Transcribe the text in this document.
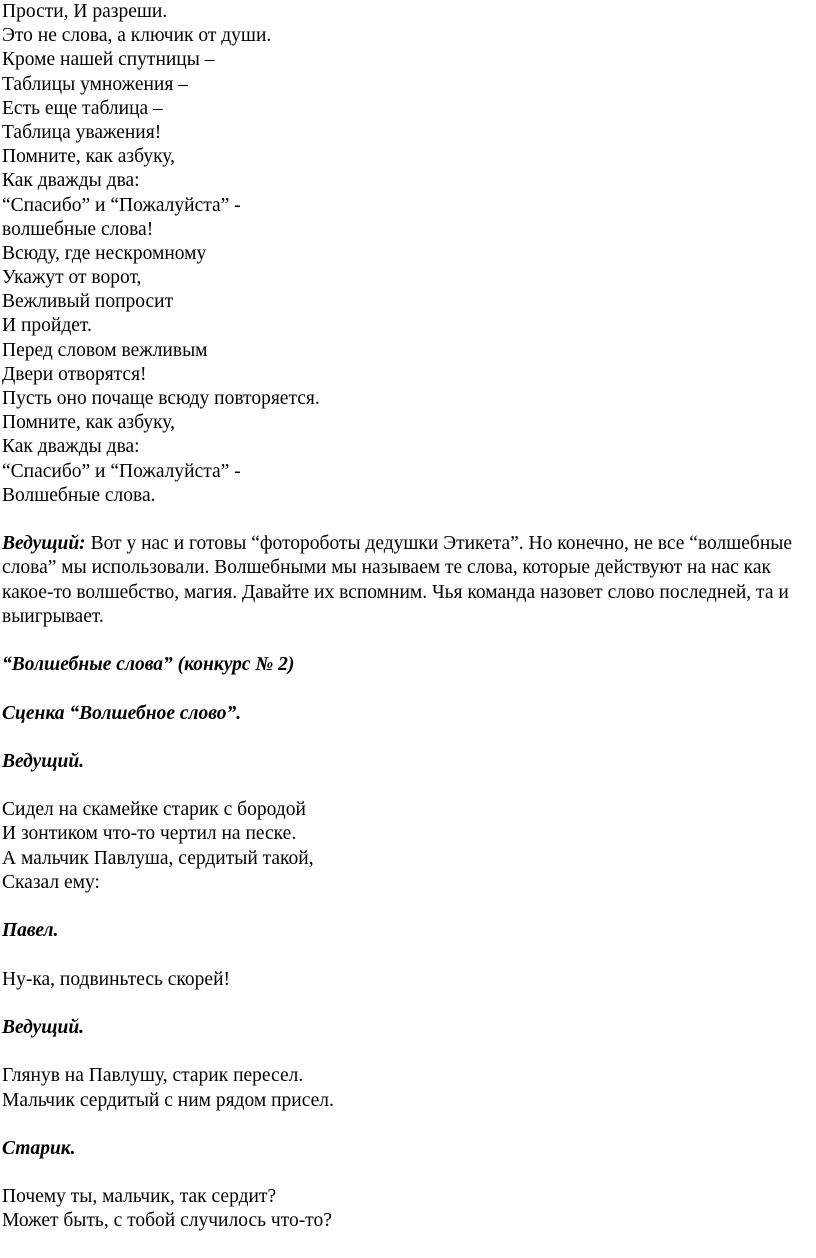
Прости, И разреши.
Это не слова, а ключик от души.
Кроме нашей спутницы –
Таблицы умножения –
Есть еще таблица –
Таблица уважения!
Помните, как азбуку,
Как дважды два:
“Спасибо” и “Пожалуйста” -
волшебные слова!
Всюду, где нескромному
Укажут от ворот,
Вежливый попросит
И пройдет.
Перед словом вежливым
Двери отворятся!
Пусть оно почаще всюду повторяется.
Помните, как азбуку,
Как дважды два:
“Спасибо” и “Пожалуйста” -
Волшебные слова.

Ведущий: Вот у нас и готовы “фотороботы дедушки Этикета”. Но конечно, не все “волшебные слова” мы использовали. Волшебными мы называем те слова, которые действуют на нас как какое-то волшебство, магия. Давайте их вспомним. Чья команда назовет слово последней, та и выигрывает.

“Волшебные слова” (конкурс № 2)
Сценка “Волшебное слово”.
Ведущий.
Сидел на скамейке старик с бородой
И зонтиком что-то чертил на песке.
А мальчик Павлуша, сердитый такой,
Сказал ему:
Павел.
Ну-ка, подвиньтесь скорей!
Ведущий.
Глянув на Павлушу, старик пересел.
Мальчик сердитый с ним рядом присел.
Старик.
Почему ты, мальчик, так сердит?
Может быть, с тобой случилось что-то?
